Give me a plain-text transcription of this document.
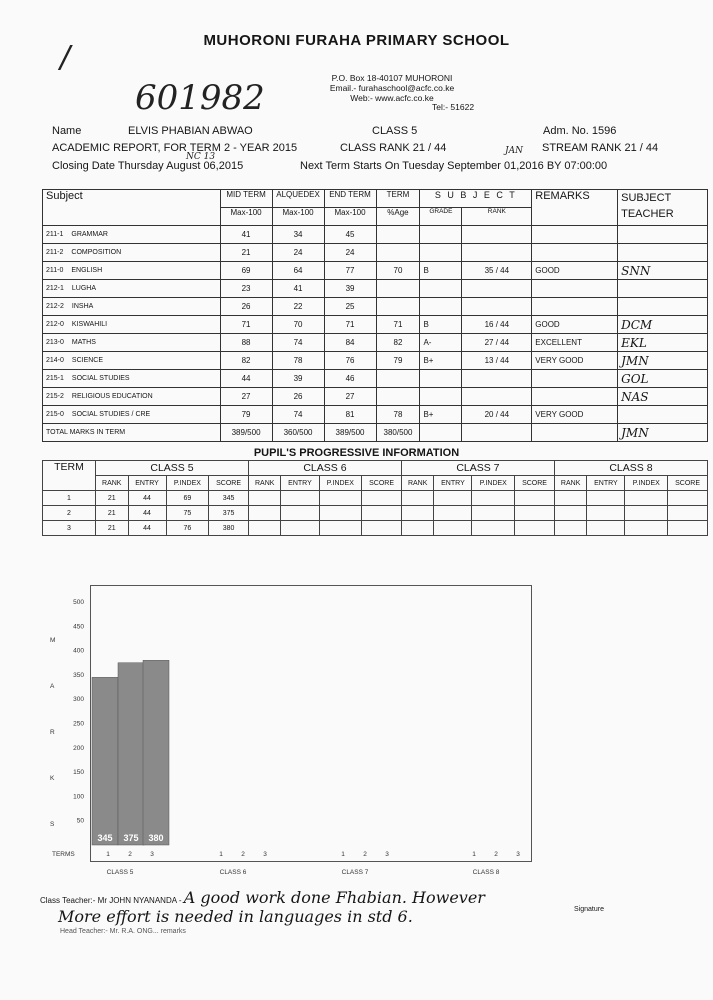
/	MUHORONI FURAHA PRIMARY SCHOOL
P.O. Box 18-40107 MUHORONI
Email.- furahaschool@acfc.co.ke
Web:- www.acfc.co.ke
Tel:- 51622
601982
Name	ELVIS PHABIAN ABWAO	CLASS 5	Adm. No. 1596
ACADEMIC REPORT, FOR TERM 2 - YEAR 2015	CLASS RANK 21 / 44	STREAM RANK 21 / 44
NC 13
JAN
Closing Date Thursday August 06,2015	Next Term Starts On Tuesday September 01,2016 BY 07:00:00
Subject	MID TERM	ALQUEDEX	END TERM	TERM	S U B J E C T		REMARKS	SUBJECT TEACHER
	Max-100	Max-100	Max-100	%Age	GRADE	RANK		
211-1 GRAMMAR	41	34	45					
211-2 COMPOSITION	21	24	24					
211-0 ENGLISH	69	64	77	70	B	35 / 44	GOOD	SNN
212-1 LUGHA	23	41	39					
212-2 INSHA	26	22	25					
212-0 KISWAHILI	71	70	71	71	B	16 / 44	GOOD	DCM
213-0 MATHS	88	74	84	82	A-	27 / 44	EXCELLENT	EKL
214-0 SCIENCE	82	78	76	79	B+	13 / 44	VERY GOOD	JMN
215-1 SOCIAL STUDIES	44	39	46					GOL
215-2 RELIGIOUS EDUCATION	27	26	27					NAS
215-0 SOCIAL STUDIES / CRE	79	74	81	78	B+	20 / 44	VERY GOOD	
TOTAL MARKS IN TERM	389/500	360/500	389/500	380/500				JMN
PUPIL'S PROGRESSIVE INFORMATION
TERM	CLASS 5				CLASS 6				CLASS 7				CLASS 8			
	RANK	ENTRY	P.INDEX	SCORE	RANK	ENTRY	P.INDEX	SCORE	RANK	ENTRY	P.INDEX	SCORE	RANK	ENTRY	P.INDEX	SCORE
1	21	44	69	345												
2	21	44	75	375												
3	21	44	76	380												
500
450
400
350
300
250
200
150
100
50
M
A
R
K
S
345 375 380
TERMS	1	2	3
CLASS 5
1	2	3
CLASS 6
1	2	3
CLASS 7
1	2	3
CLASS 8
Class Teacher:- Mr JOHN NYANANDA - A good work done Fhabian. However
More effort is needed in languages in std 6.	Signature
Head Teacher:- Mr. R.A. ONG... remarks
